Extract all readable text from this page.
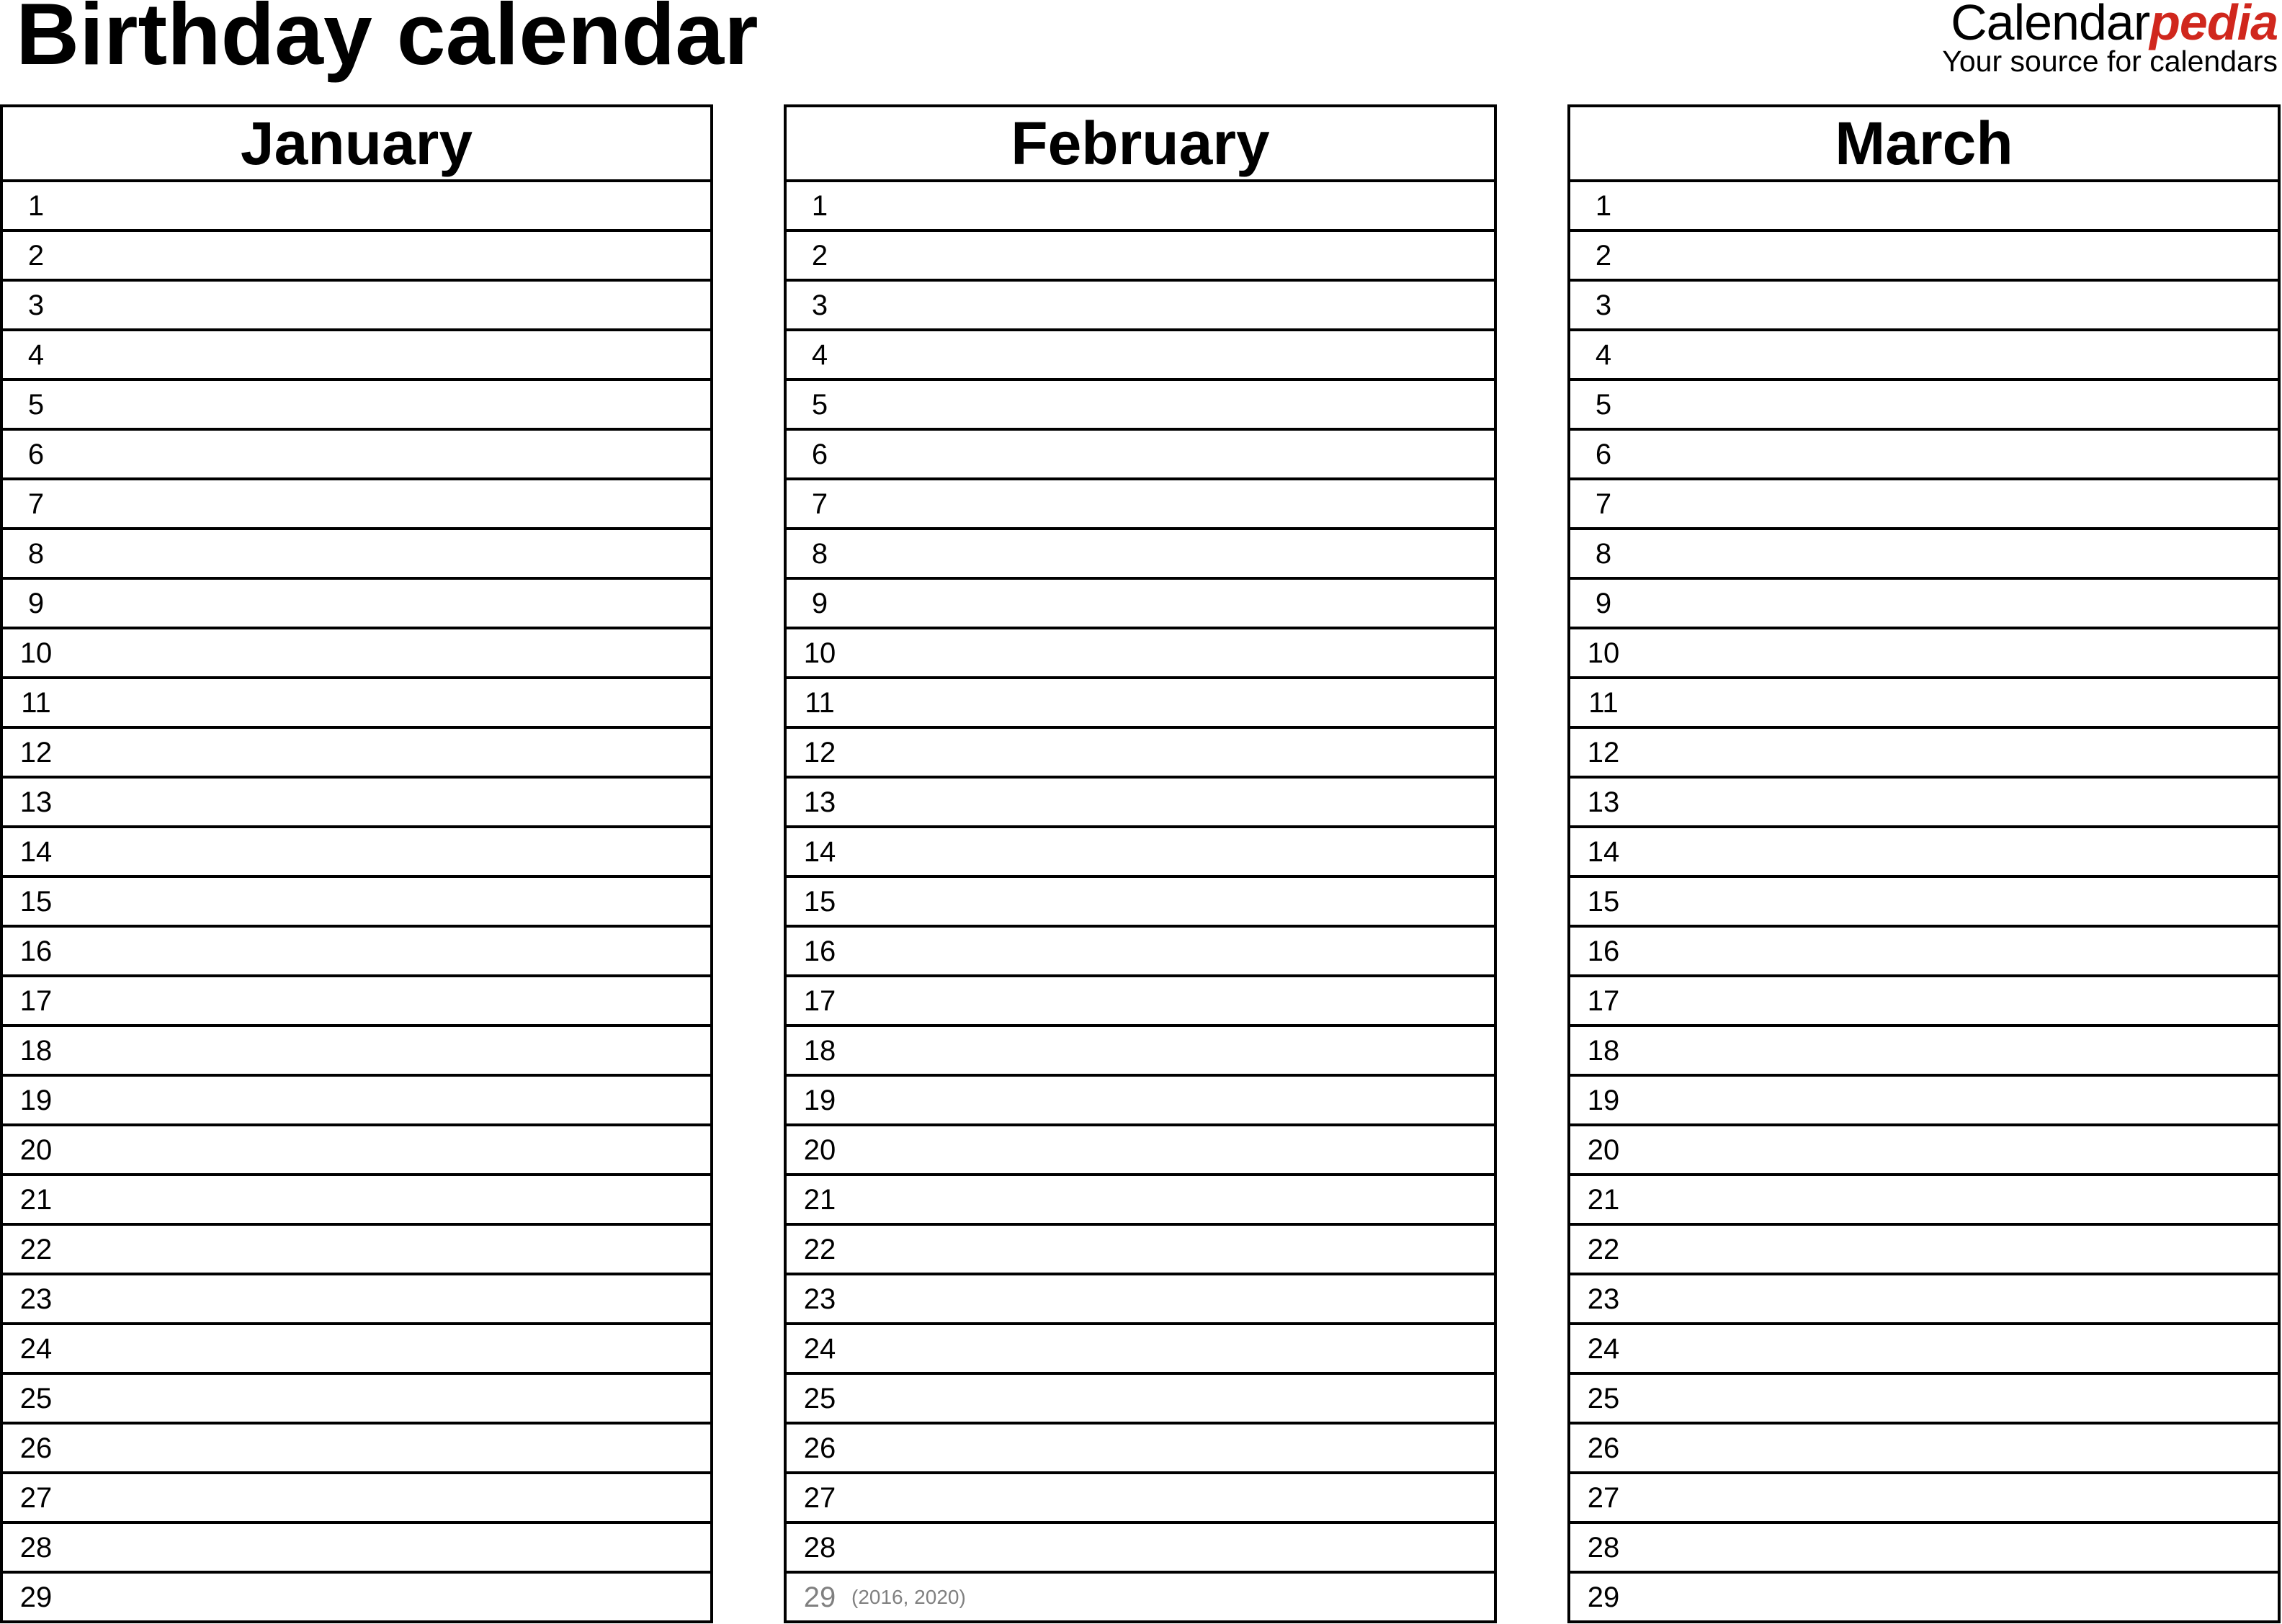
Birthday calendar	Calendarpedia
Your source for calendars
January
1
2
3
4
5
6
7
8
9
10
11
12
13
14
15
16
17
18
19
20
21
22
23
24
25
26
27
28
29
February
1
2
3
4
5
6
7
8
9
10
11
12
13
14
15
16
17
18
19
20
21
22
23
24
25
26
27
28
29 (2016, 2020)
March
1
2
3
4
5
6
7
8
9
10
11
12
13
14
15
16
17
18
19
20
21
22
23
24
25
26
27
28
29
